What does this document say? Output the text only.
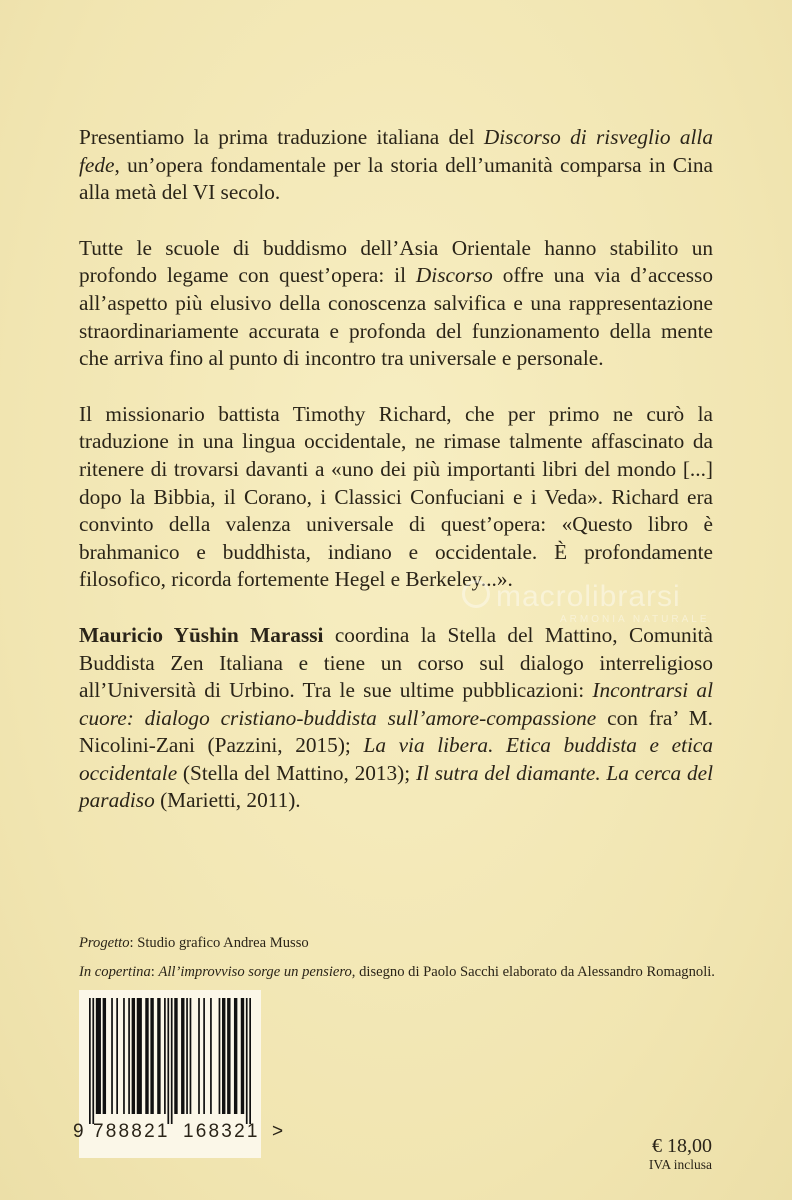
Presentiamo la prima traduzione italiana del Discorso di risveglio alla fede, un’opera fondamentale per la storia dell’umanità comparsa in Cina alla metà del VI secolo.

Tutte le scuole di buddismo dell’Asia Orientale hanno stabilito un profondo legame con quest’opera: il Discorso offre una via d’accesso all’aspetto più elusivo della conoscenza salvifica e una rappresentazione straordinariamente accurata e profonda del funzionamento della mente che arriva fino al punto di incontro tra universale e personale.

Il missionario battista Timothy Richard, che per primo ne curò la traduzione in una lingua occidentale, ne rimase talmente affascinato da ritenere di trovarsi davanti a «uno dei più importanti libri del mondo [...] dopo la Bibbia, il Corano, i Classici Confuciani e i Veda». Richard era convinto della valenza universale di quest’opera: «Questo libro è brahmanico e buddhista, indiano e occidentale. È profondamente filosofico, ricorda fortemente Hegel e Berkeley...».

Mauricio Yūshin Marassi coordina la Stella del Mattino, Comunità Buddista Zen Italiana e tiene un corso sul dialogo interreligioso all’Università di Urbino. Tra le sue ultime pubblicazioni: Incontrarsi al cuore: dialogo cristiano-buddista sull’amore-compassione con fra’ M. Nicolini-Zani (Pazzini, 2015); La via libera. Etica buddista e etica occidentale (Stella del Mattino, 2013); Il sutra del diamante. La cerca del paradiso (Marietti, 2011).

macrolibrarsi
ARMONIA NATURALE

Progetto: Studio grafico Andrea Musso

In copertina: All’improvviso sorge un pensiero, disegno di Paolo Sacchi elaborato da Alessandro Romagnoli.

9 788821 168321 >
€ 18,00
IVA inclusa
